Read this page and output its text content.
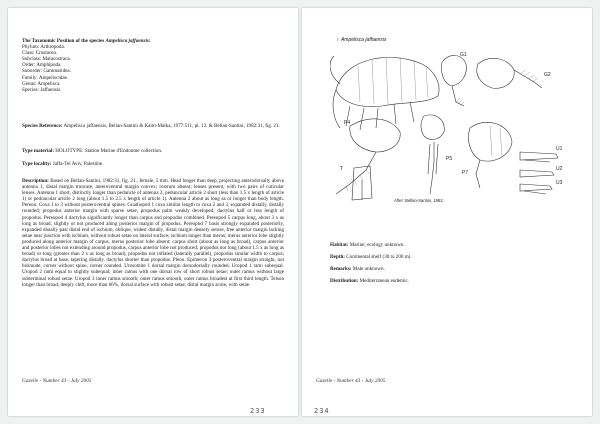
The Taxonomic Position of the species Ampelisca jaffaensis:
Phylum: Arthropoda.
Class: Crustacea.
Subclass: Malacostraca.
Order: Amphipoda.
Suborder: Gammaridea.
Family: Ampeliscidae.
Genus: Ampelisca.
Species: Jaffaensis.
Species Reference: Ampelisca jaffaensis, Bellan-Santini & Kaim-Malka, 1977:511, pl. 13. & Bellan-Santini, 1982:31, fig. 21.
Type material: HOLOTYPE: Station Marine d'Endoume collection.
Type locality: Jaffa-Tel Aviv, Palestine.
Description: Based on Bellan-Santini, 1982:31, fig. 21., female, 5 mm. Head longer than deep, projecting anterodorsally above antenna 1, distal margin truncate, anteroventral margin convex; rostrum absent; lenses present, with two pairs of cuticular lenses. Antenna 1 short, distinctly longer than peduncle of antenna 2, peduncular article 2 short (less than 1.5 x length of article 1) or peduncular article 2 long (about 1.5 to 2.5 x length of article 1). Antenna 2 about as long as or longer than body length. Pereon. Coxa 1 to 3 without posteroventral spines. Gnathopod 1 coxa similar length to coxa 2 and 3, expanded distally, distally rounded; propodus anterior margin with sparse setae, propodus palm weakly developed; dactylus half or less length of propodus. Pereopod 4 dactylus significantly longer than carpus and propodus combined. Pereopod 5 carpus long, about 3 x as long as broad, slightly or not produced along posterior margin of propodus. Pereopod 7 basis strongly expanded posteriorly, expanded distally past distal end of ischium, oblique, widest distally, distal margin densely setose, free anterior margin lacking setae near junction with ischium, without robust setae on lateral surface; ischium longer than merus; merus anterior lobe slightly produced along anterior margin of carpus, merus posterior lobe absent; carpus short (about as long as broad), carpus anterior and posterior lobes not extending around propodus, carpus anterior lobe not produced; propodus not long (about 1.5 x as long as broad) or long (greater than 2 x as long as broad), propodus not inflated (laterally parallel), propodus similar width to carpus; dactylus broad at base, tapering distally, dactylus shorter than propodus. Pleon. Epimeron 3 posteroventral margin straight, not bisinuate, corner without spine, corner rounded. Urosomite 1 dorsal margin dorsodorsally rounded. Uropod 1 rami subequal. Uropod 2 rami equal to slightly subequal; inner ramus with one dorsal row of short robust setae; outer ramus without large subterminal robust setae. Uropod 3 inner ramus smooth; outer ramus smooth, outer ramus broadest at first third length. Telson longer than broad, deeply cleft, more than 66%, dorsal surface with robust setae, distal margin acute, with setae.
Gazelle - Number 43 - July 2005
233
♀ Ampelisca jaffaensis
G1
G2
P4
P5
P7
T
U1
U2
U3
After: Bellan-Santini, 1982.
Habitat: Marine; ecology unknown.
Depth: Continental shelf (30 to 200 m).
Remarks: Male unknown.
Distribution: Mediterranean endemic.
Gazelle - Number 43 - July 2005
234
